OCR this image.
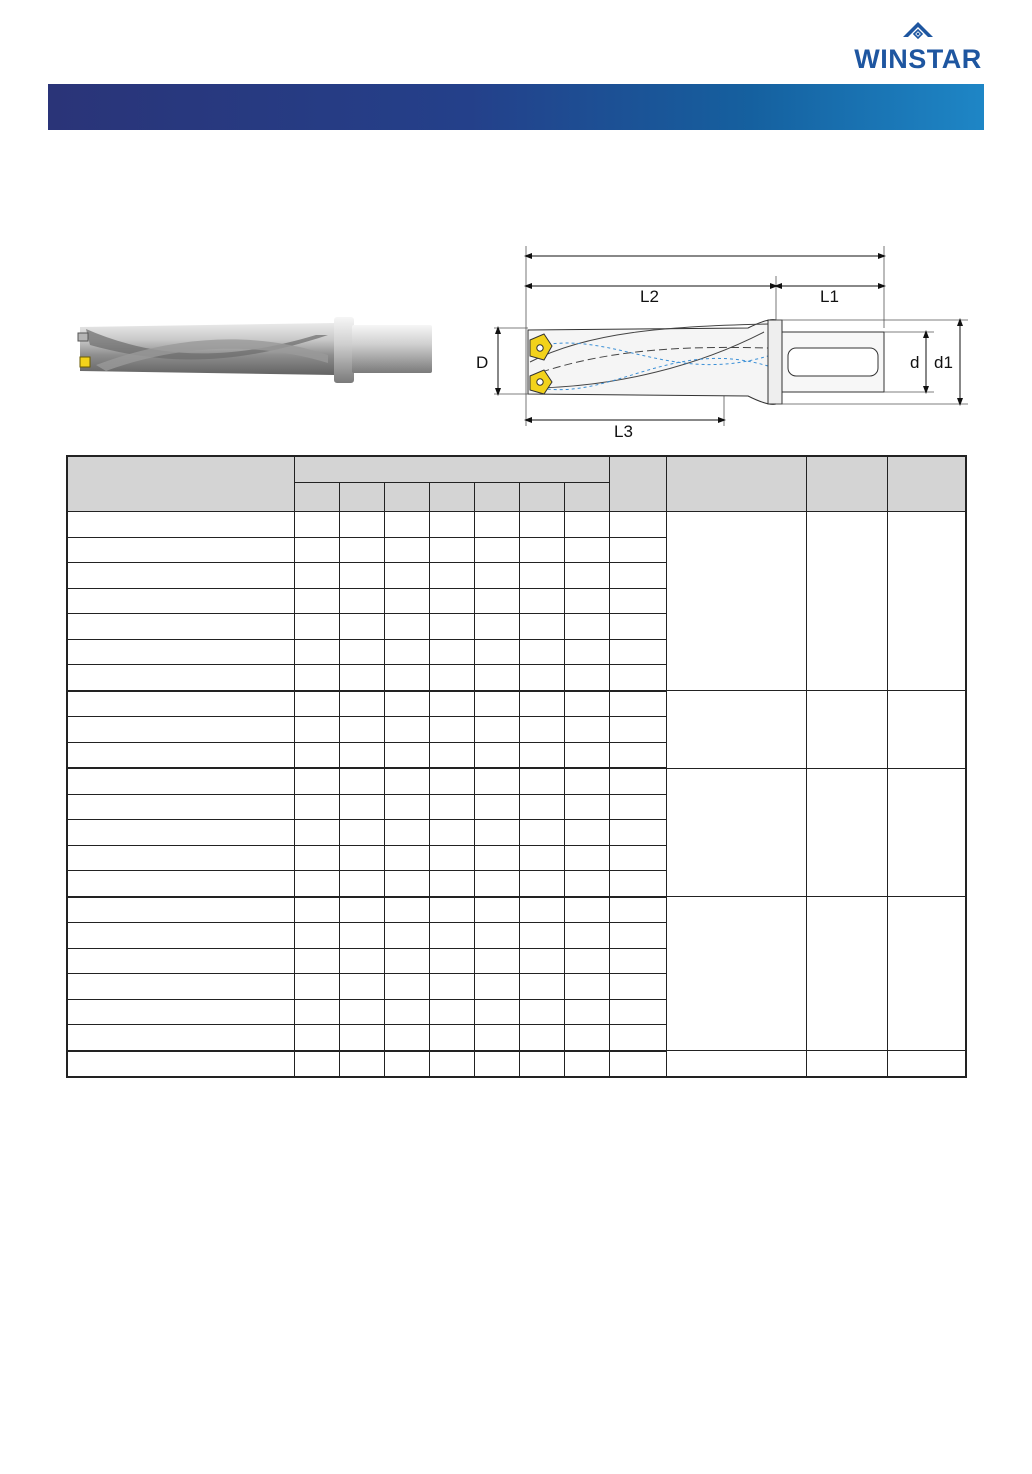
WINSTAR
L2	L1
D	d d1
L3
